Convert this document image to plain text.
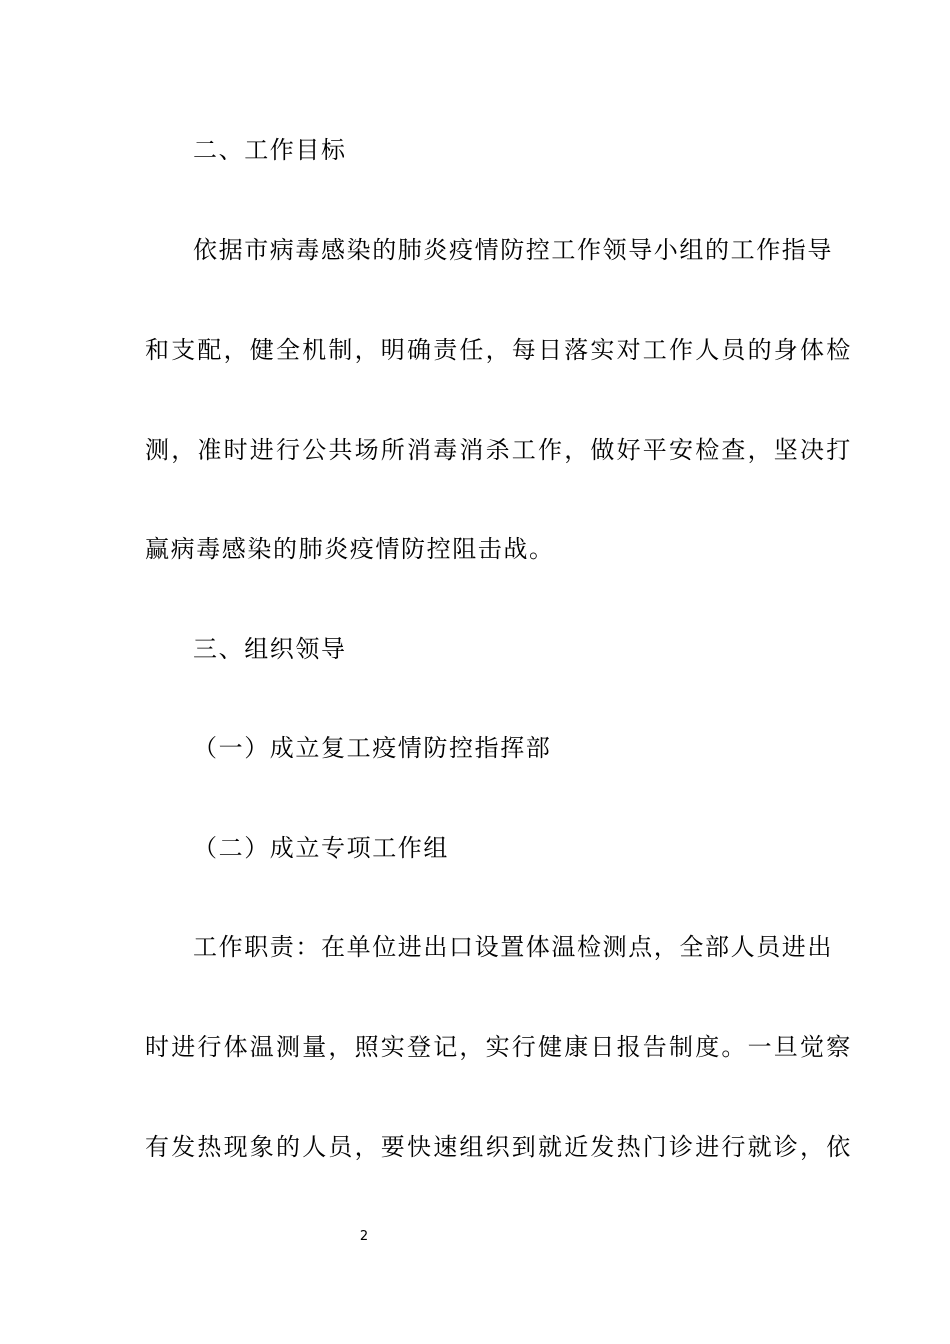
二、工作目标
依据市病毒感染的肺炎疫情防控工作领导小组的工作指导
和支配，健全机制，明确责任，每日落实对工作人员的身体检
测，准时进行公共场所消毒消杀工作，做好平安检查，坚决打
赢病毒感染的肺炎疫情防控阻击战。
三、组织领导
（一）成立复工疫情防控指挥部
（二）成立专项工作组
工作职责：在单位进出口设置体温检测点，全部人员进出
时进行体温测量，照实登记，实行健康日报告制度。一旦觉察
有发热现象的人员，要快速组织到就近发热门诊进行就诊，依
2
